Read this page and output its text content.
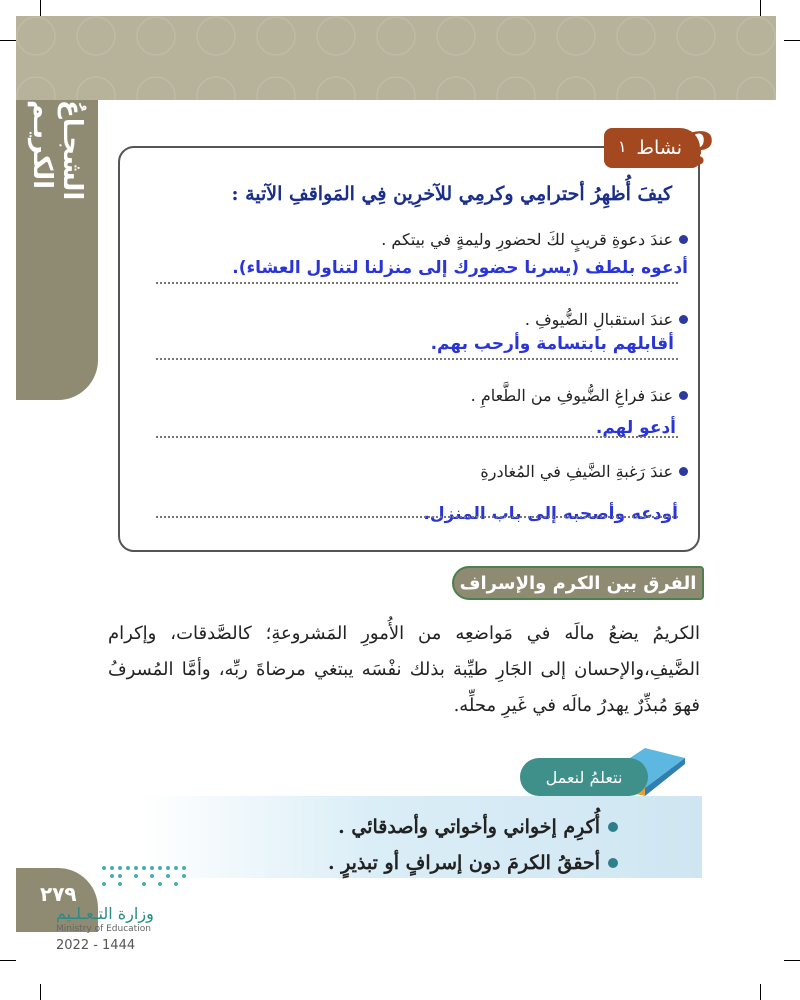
الشجـاعُ الكريـم	١ نشاط ?
كيفَ أُظهِرُ أحترامِي وكرمِي للآخرِين فِي المَواقفِ الآتية :
عندَ دعوةِ قريبٍ لكَ لحضورِ وليمةٍ في بيتكم .
أدعوه بلطف (يسرنا حضورك إلى منزلنا لتناول العشاء).
عندَ استقبالِ الضُّيوفِ .
أقابلهم بابتسامة وأرحب بهم.
عندَ فراغِ الضُّيوفِ من الطَّعامِ .
أدعو لهم.
عندَ رَغبةِ الضَّيفِ في المُغادرةِ
أودعه وأصحبه إلى باب المنزل.
الفرق بين الكرم والإسراف
الكريمُ يضعُ مالَه في مَواضعِه من الأُمورِ المَشروعةِ؛ كالصَّدقات، وإكرام الضَّيفِ،والإحسان إلى الجَارِ طيِّبة بذلك نفْسَه يبتغي مرضاةَ ربِّه، وأمَّا المُسرفُ فهوَ مُبذِّرٌ يهدرُ مالَه في غَيرِ محلِّه.
نتعلمُ لنعمل
أُكرِم إخواني وأخواتي وأصدقائي .
أحققُ الكرمَ دون إسرافٍ أو تبذيرٍ .
٢٧٩
وزارة التـعـلـيم
Ministry of Education
2022 - 1444
